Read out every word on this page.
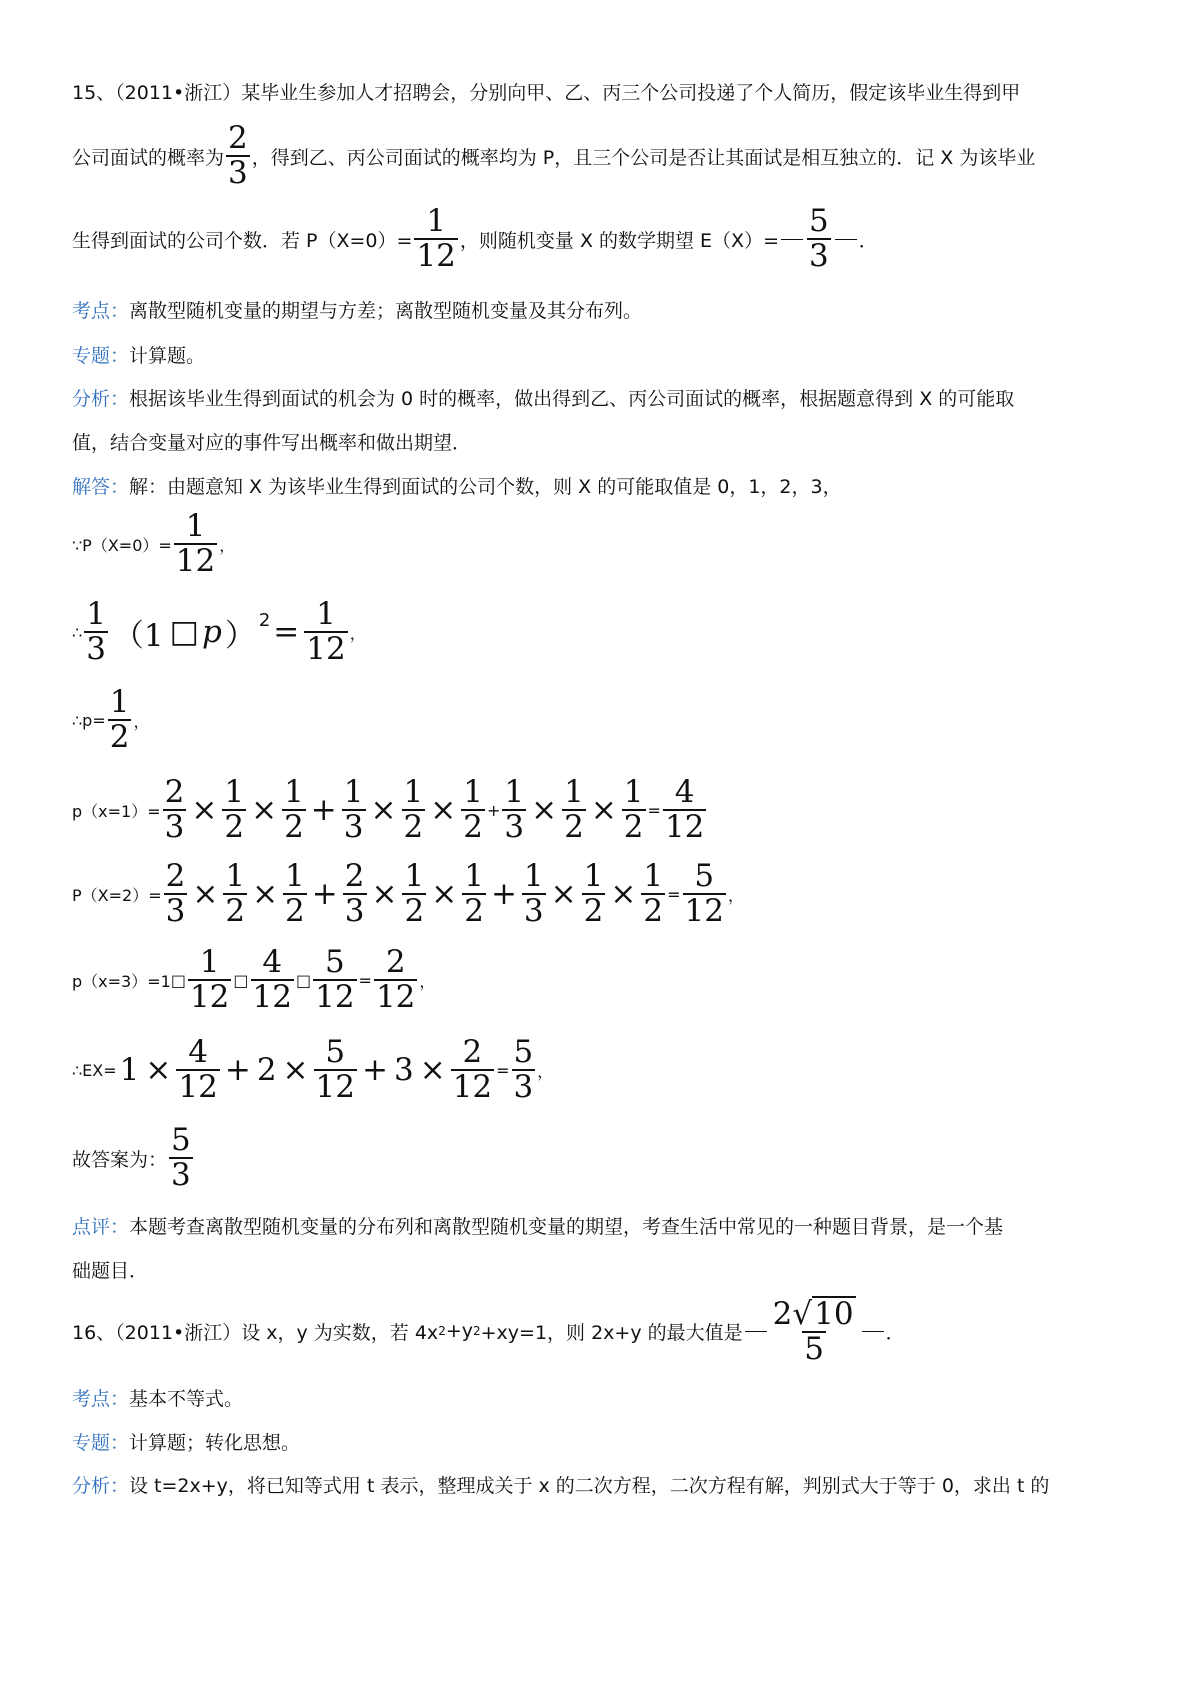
15、（2011•浙江）某毕业生参加人才招聘会，分别向甲、乙、丙三个公司投递了个人简历，假定该毕业生得到甲
公司面试的概率为 $\frac{2}{3}$ ，得到乙、丙公司面试的概率均为 P，且三个公司是否让其面试是相互独立的．记 X 为该毕业
生得到面试的公司个数．若 $P(X=0)= \frac{1}{12}$ ，则随机变量 X 的数学期望 $E(X)= \frac{5}{3}$ ．
考点：离散型随机变量的期望与方差；离散型随机变量及其分布列。
专题：计算题。
分析：根据该毕业生得到面试的机会为 0 时的概率，做出得到乙、丙公司面试的概率，根据题意得到 X 的可能取
值，结合变量对应的事件写出概率和做出期望．
解答：解：由题意知 X 为该毕业生得到面试的公司个数，则 X 的可能取值是 0，1，2，3，
∵P（X=0）= $\frac{1}{12}$ ，
∴ $\frac{1}{3} (1$ □ p ）$^2 = \frac{1}{12}$ ，
∴p= $\frac{1}{2}$ ，
$p(x=1)= \frac{2}{3} \times \frac{1}{2} \times \frac{1}{2} + \frac{1}{3} \times \frac{1}{2} \times \frac{1}{2} + \frac{1}{3} \times \frac{1}{2} \times \frac{1}{2} = \frac{4}{12}$
$P(X=2)= \frac{2}{3} \times \frac{1}{2} \times \frac{1}{2} + \frac{2}{3} \times \frac{1}{2} \times \frac{1}{2} + \frac{1}{3} \times \frac{1}{2} \times \frac{1}{2} = \frac{5}{12}$ ，
p（x=3）=1 □ $\frac{1}{12}$ □ $\frac{4}{12}$ □ $\frac{5}{12} = \frac{2}{12}$ ，
∴EX= $1 \times \frac{4}{12} + 2 \times \frac{5}{12} + 3 \times \frac{2}{12} = \frac{5}{3}$ ，
故答案为： $\frac{5}{3}$
点评：本题考查离散型随机变量的分布列和离散型随机变量的期望，考查生活中常见的一种题目背景，是一个基
础题目．
16、（2011•浙江）设 x，y 为实数，若 4x 2 +y 2 +xy=1，则 2x+y 的最大值是 $\frac{2√10}{5}$ ．
考点：基本不等式。
专题：计算题；转化思想。
分析：设 t=2x+y，将已知等式用 t 表示，整理成关于 x 的二次方程，二次方程有解，判别式大于等于 0，求出 t 的
